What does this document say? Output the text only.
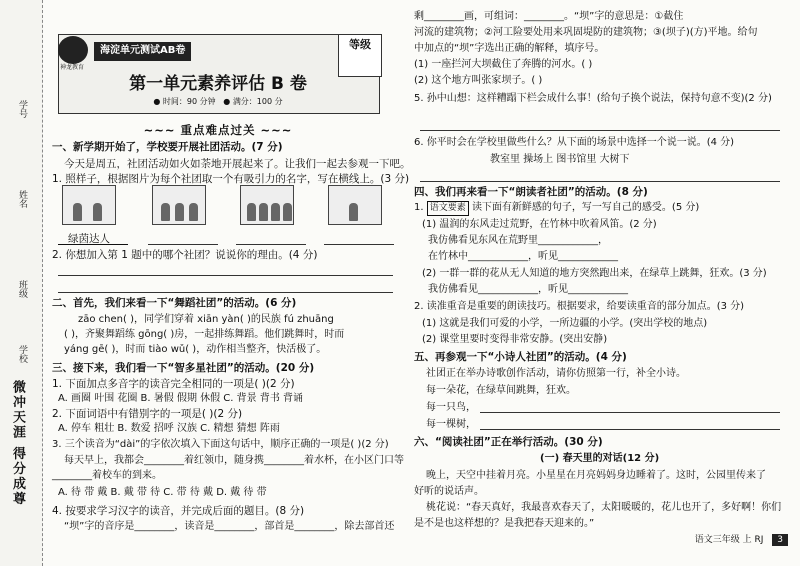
学号
姓名
班级
学校
微冲天涯 得分成尊
海淀单元测试AB卷
神龙教育
等级
第一单元素养评估 B 卷
● 时间：90 分钟 ● 满分：100 分
~~~ 重点难点过关 ~~~
一、新学期开始了，学校要开展社团活动。(7 分)
今天是周五，社团活动如火如荼地开展起来了。让我们一起去参观一下吧。
1. 照样子，根据图片为每个社团取一个有吸引力的名字，写在横线上。(3 分)
绿茵达人
2. 你想加入第 1 题中的哪个社团？说说你的理由。(4 分)
二、首先，我们来看一下“舞蹈社团”的活动。(6 分)
zāo chen( )，同学们穿着 xiān yàn( )的民族 fú zhuāng
( )，齐聚舞蹈练 gōng( )房，一起排练舞蹈。他们跳舞时，时而
yáng gē( )，时而 tiào wǔ( )，动作相当整齐，快活极了。
三、接下来，我们看一下“智多星社团”的活动。(20 分)
1. 下面加点多音字的读音完全相同的一项是( )(2 分)
A. 画圈 叶围 花圈 B. 暑假 假期 休假 C. 背景 背书 背诵
2. 下面词语中有错别字的一项是( )(2 分)
A. 停车 粗壮 B. 数爱 招呼 汉族 C. 精想 猜想 阵雨
3. 三个读音为“dài”的字依次填入下面这句话中，顺序正确的一项是( )(2 分)
每天早上，我都会________着红领巾，随身携________着水杯，在小区门口等
________着校车的到来。
A. 待 带 戴 B. 戴 带 待 C. 带 待 戴 D. 戴 待 带
4. 按要求学习汉字的读音，并完成后面的题目。(8 分)
“坝”字的音序是________，读音是________，部首是________，除去部首还
剩________画，可组词：________。“坝”字的意思是：①截住
河流的建筑物；②河工险要处用来巩固堤防的建筑物；③(坝子)(方)平地。给句
中加点的“坝”字选出正确的解释，填序号。
(1) 一座拦河大坝截住了奔腾的河水。( )
(2) 这个地方叫张家坝子。( )
5. 孙中山想：这样糟蹋下栏会成什么事！(给句子换个说法，保持句意不变)(2 分)
6. 你平时会在学校里做些什么？从下面的场景中选择一个说一说。(4 分)
教室里 操场上 图书馆里 大树下
四、我们再来看一下“朗读者社团”的活动。(8 分)
1. 语文要素 读下面有新鲜感的句子，写一写自己的感受。(5 分)
(1) 温润的东风走过荒野，在竹林中吹着风笛。(2 分)
我仿佛看见东风在荒野里____________，
在竹林中____________，听见____________
(2) 一群一群的花从无人知道的地方突然跑出来，在绿草上跳舞，狂欢。(3 分)
我仿佛看见____________，听见____________
2. 读准重音是重要的朗读技巧。根据要求，给要读重音的部分加点。(3 分)
(1) 这就是我们可爱的小学，一所边疆的小学。(突出学校的地点)
(2) 课堂里要时变得非常安静。(突出安静)
五、再参观一下“小诗人社团”的活动。(4 分)
社团正在举办诗歌创作活动，请你仿照第一行，补全小诗。
每一朵花，在绿草间跳舞，狂欢。
每一只鸟，
每一棵树，
六、“阅读社团”正在举行活动。(30 分)
(一) 春天里的对话(12 分)
晚上，天空中挂着月亮。小星星在月亮妈妈身边睡着了。这时，公园里传来了
好听的说话声。
桃花说：“春天真好，我最喜欢春天了，太阳暖暖的，花儿也开了，多好啊！你们
是不是也这样想的？是我把春天迎来的。”
语文三年级 上 RJ 3
